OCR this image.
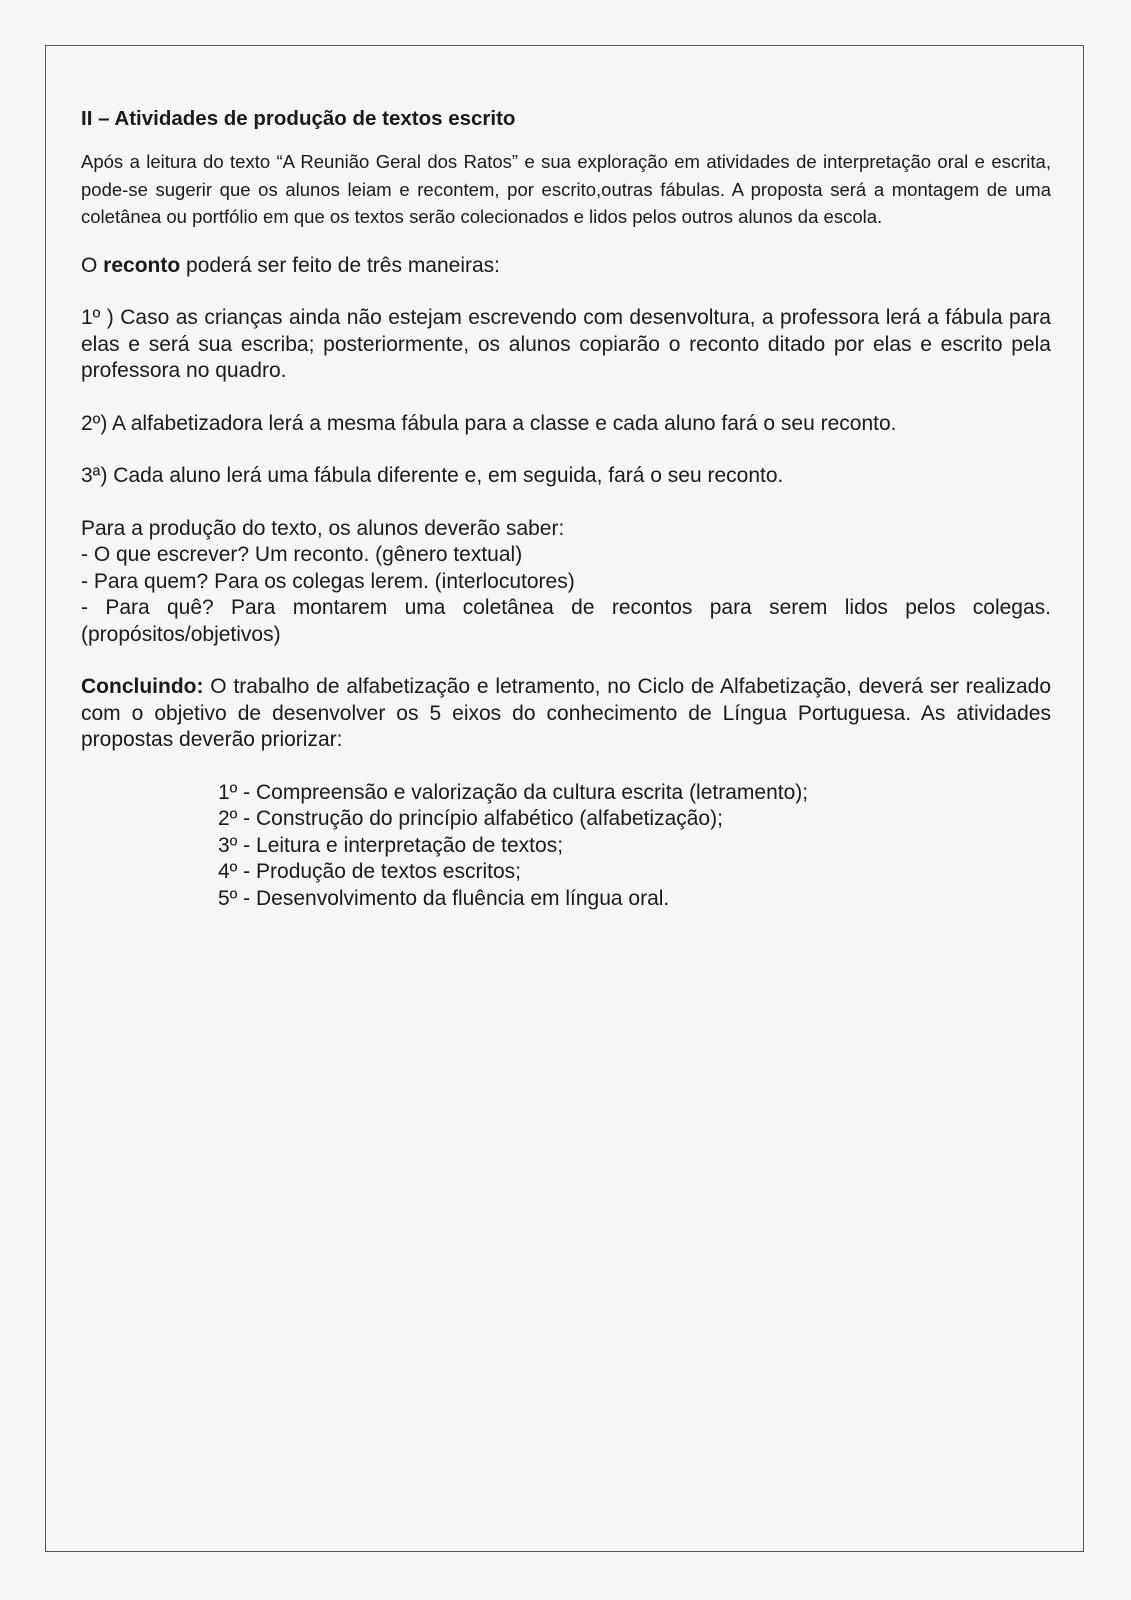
II – Atividades de produção de textos escrito

Após a leitura do texto “A Reunião Geral dos Ratos” e sua exploração em atividades de interpretação oral e escrita, pode-se sugerir que os alunos leiam e recontem, por escrito,outras fábulas. A proposta será a montagem de uma coletânea ou portfólio em que os textos serão colecionados e lidos pelos outros alunos da escola.

O reconto poderá ser feito de três maneiras:

1º ) Caso as crianças ainda não estejam escrevendo com desenvoltura, a professora lerá a fábula para elas e será sua escriba; posteriormente, os alunos copiarão o reconto ditado por elas e escrito pela professora no quadro.

2º) A alfabetizadora lerá a mesma fábula para a classe e cada aluno fará o seu reconto.

3ª) Cada aluno lerá uma fábula diferente e, em seguida, fará o seu reconto.

Para a produção do texto, os alunos deverão saber:

- O que escrever? Um reconto. (gênero textual)

- Para quem? Para os colegas lerem. (interlocutores)

- Para quê? Para montarem uma coletânea de recontos para serem lidos pelos colegas. (propósitos/objetivos)

Concluindo: O trabalho de alfabetização e letramento, no Ciclo de Alfabetização, deverá ser realizado com o objetivo de desenvolver os 5 eixos do conhecimento de Língua Portuguesa. As atividades propostas deverão priorizar:

1º - Compreensão e valorização da cultura escrita (letramento);
2º - Construção do princípio alfabético (alfabetização);
3º - Leitura e interpretação de textos;
4º - Produção de textos escritos;
5º - Desenvolvimento da fluência em língua oral.
